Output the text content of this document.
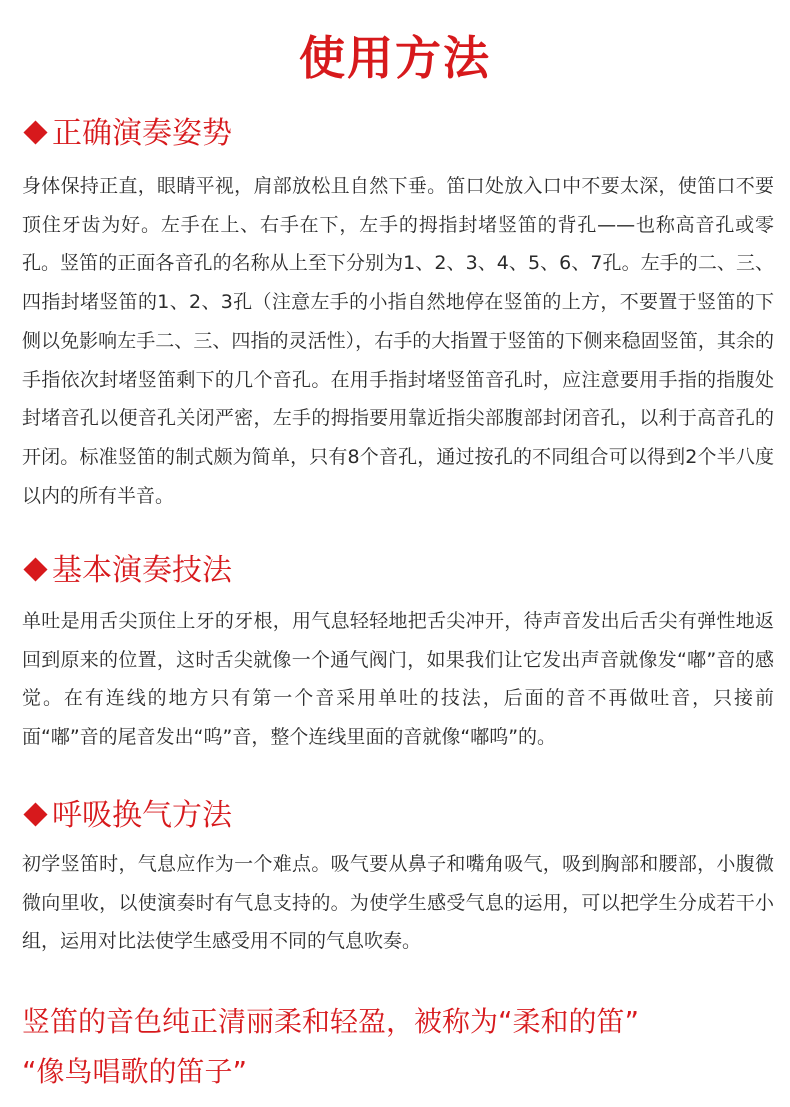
使用方法
正确演奏姿势
身体保持正直，眼睛平视，肩部放松且自然下垂。笛口处放入口中不要太深，使笛口不要顶住牙齿为好。左手在上、右手在下，左手的拇指封堵竖笛的背孔——也称高音孔或零孔。竖笛的正面各音孔的名称从上至下分别为1、2、3、4、5、6、7孔。左手的二、三、四指封堵竖笛的1、2、3孔（注意左手的小指自然地停在竖笛的上方，不要置于竖笛的下侧以免影响左手二、三、四指的灵活性），右手的大指置于竖笛的下侧来稳固竖笛，其余的手指依次封堵竖笛剩下的几个音孔。在用手指封堵竖笛音孔时，应注意要用手指的指腹处封堵音孔以便音孔关闭严密，左手的拇指要用靠近指尖部腹部封闭音孔，以利于高音孔的开闭。标准竖笛的制式颇为简单，只有8个音孔，通过按孔的不同组合可以得到2个半八度以内的所有半音。
基本演奏技法
单吐是用舌尖顶住上牙的牙根，用气息轻轻地把舌尖冲开，待声音发出后舌尖有弹性地返回到原来的位置，这时舌尖就像一个通气阀门，如果我们让它发出声音就像发“嘟”音的感觉。在有连线的地方只有第一个音采用单吐的技法，后面的音不再做吐音，只接前面“嘟”音的尾音发出“呜”音，整个连线里面的音就像“嘟呜”的。
呼吸换气方法
初学竖笛时，气息应作为一个难点。吸气要从鼻子和嘴角吸气，吸到胸部和腰部，小腹微微向里收，以使演奏时有气息支持的。为使学生感受气息的运用，可以把学生分成若干小组，运用对比法使学生感受用不同的气息吹奏。
竖笛的音色纯正清丽柔和轻盈，被称为“柔和的笛”
“像鸟唱歌的笛子”
